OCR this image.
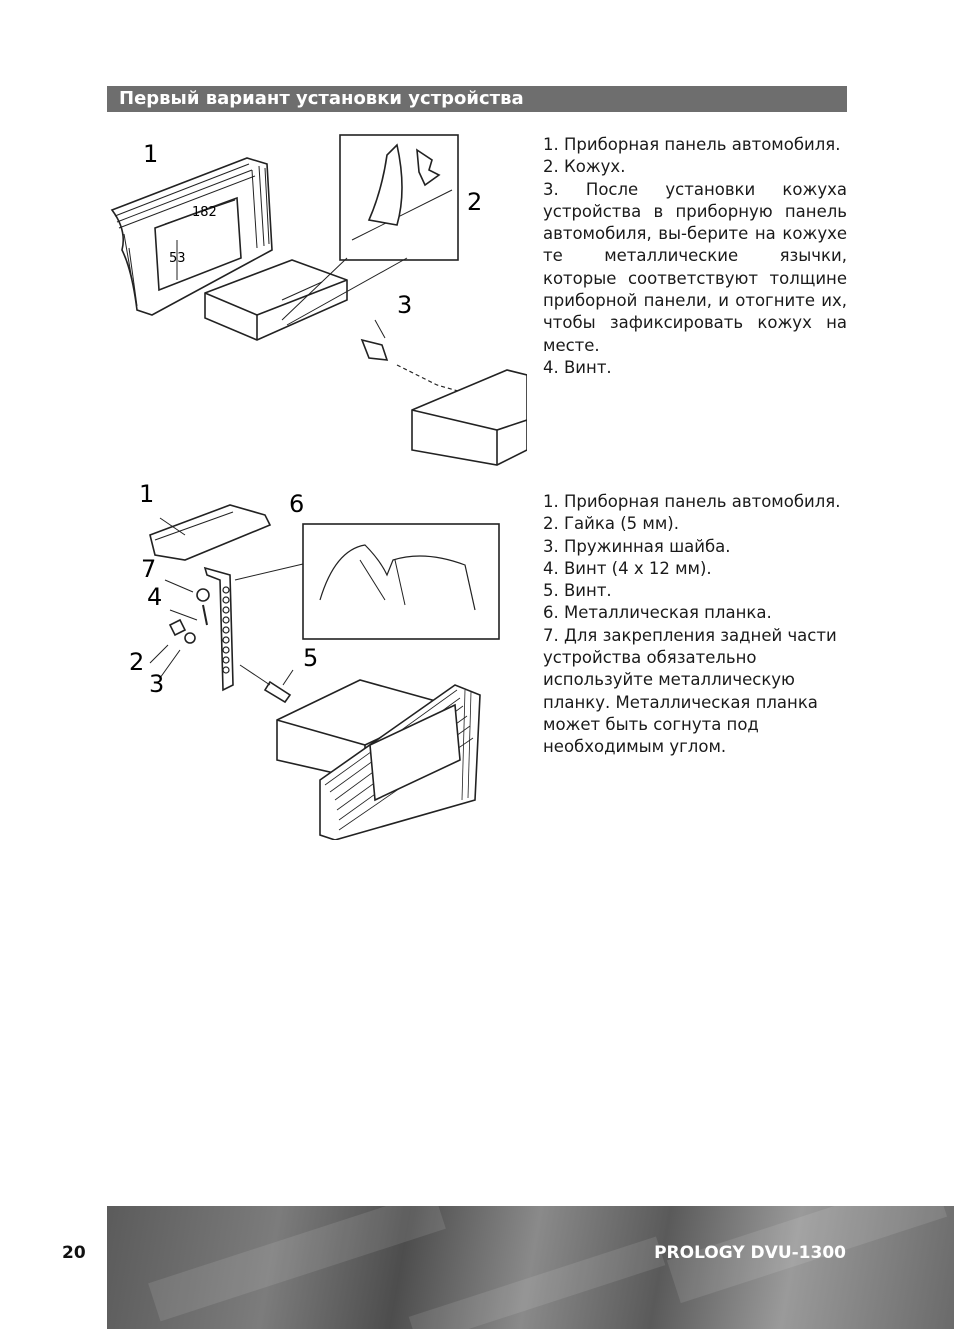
Первый вариант установки устройства
1
2
3
182
53

1. Приборная панель автомобиля.

2. Кожух.

3. После установки кожуха устройства в приборную панель автомобиля, вы-берите на кожухе те металлические язычки, которые соответствуют толщине приборной панели, и отогните их, чтобы зафиксировать кожух на месте.

4. Винт.

1	6
7
4
2
3
5

1. Приборная панель автомобиля.

2. Гайка (5 мм).

3. Пружинная шайба.

4. Винт (4 x 12 мм).

5. Винт.

6. Металлическая планка.

7. Для закрепления задней части устройства обязательно используйте металлическую планку. Металлическая планка может быть согнута под необходимым углом.

20	PROLOGY DVU-1300
